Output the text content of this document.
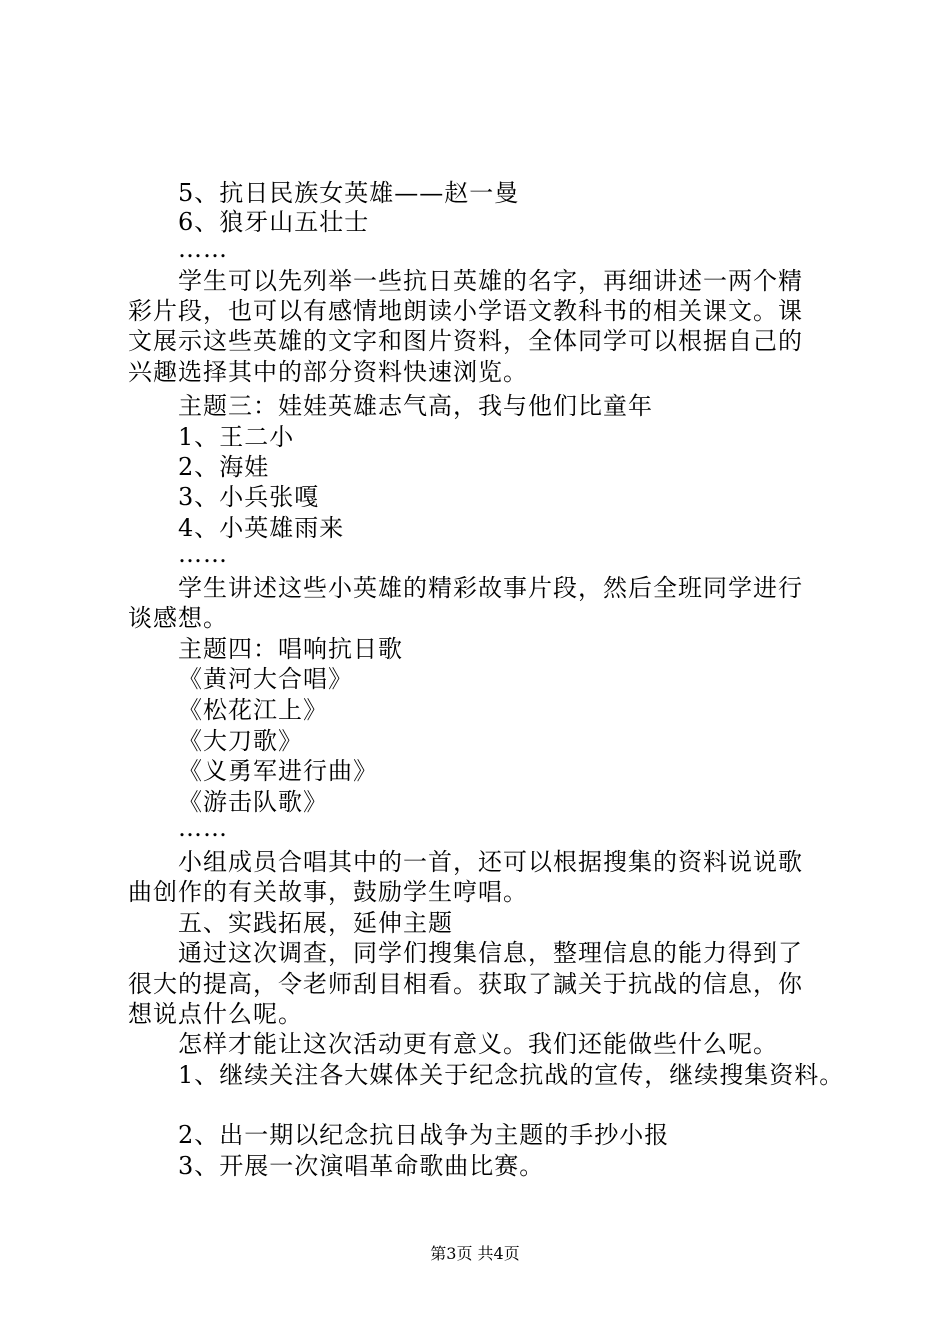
5、抗日民族女英雄——赵一曼
6、狼牙山五壮士
……
学生可以先列举一些抗日英雄的名字，再细讲述一两个精
彩片段，也可以有感情地朗读小学语文教科书的相关课文。课
文展示这些英雄的文字和图片资料，全体同学可以根据自己的
兴趣选择其中的部分资料快速浏览。
主题三：娃娃英雄志气高，我与他们比童年
1、王二小
2、海娃
3、小兵张嘎
4、小英雄雨来
……
学生讲述这些小英雄的精彩故事片段，然后全班同学进行
谈感想。
主题四：唱响抗日歌
《黄河大合唱》
《松花江上》
《大刀歌》
《义勇军进行曲》
《游击队歌》
……
小组成员合唱其中的一首，还可以根据搜集的资料说说歌
曲创作的有关故事，鼓励学生哼唱。
五、实践拓展，延伸主题
通过这次调查，同学们搜集信息，整理信息的能力得到了
很大的提高，令老师刮目相看。获取了諴关于抗战的信息，你
想说点什么呢。
怎样才能让这次活动更有意义。我们还能做些什么呢。
1、继续关注各大媒体关于纪念抗战的宣传，继续搜集资料。
2、出一期以纪念抗日战争为主题的手抄小报
3、开展一次演唱革命歌曲比赛。
第3页 共4页
